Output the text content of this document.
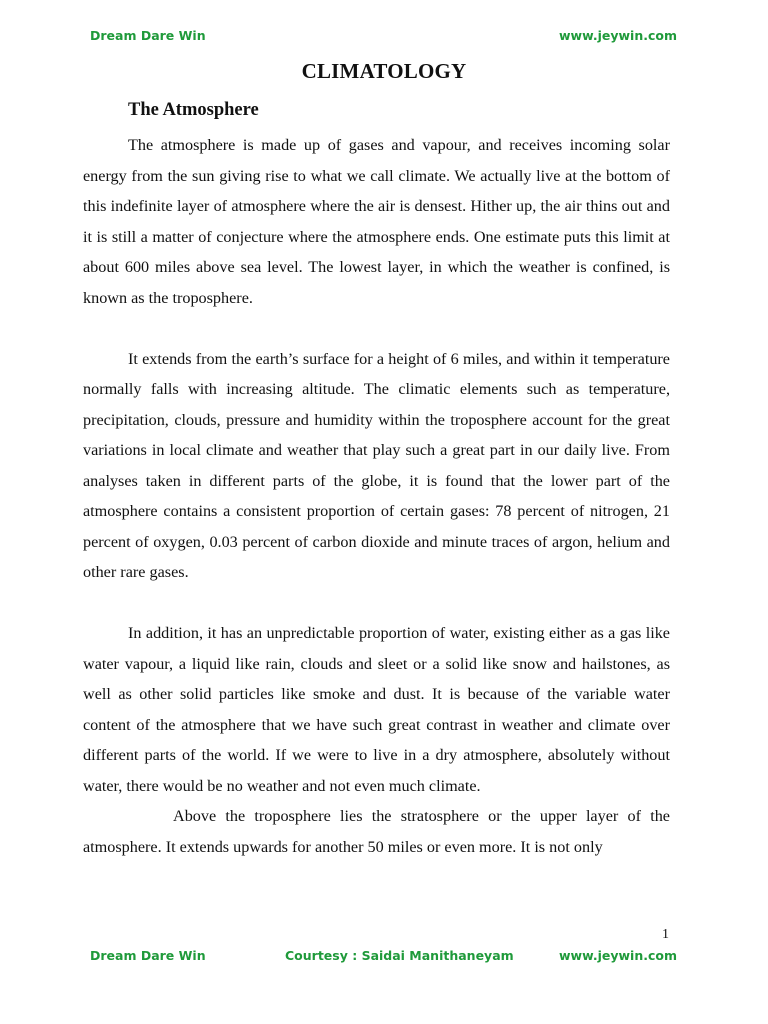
Dream Dare Win	www.jeywin.com
CLIMATOLOGY
The Atmosphere

The atmosphere is made up of gases and vapour, and receives incoming solar energy from the sun giving rise to what we call climate. We actually live at the bottom of this indefinite layer of atmosphere where the air is densest. Hither up, the air thins out and it is still a matter of conjecture where the atmosphere ends. One estimate puts this limit at about 600 miles above sea level. The lowest layer, in which the weather is confined, is known as the troposphere.

It extends from the earth’s surface for a height of 6 miles, and within it temperature normally falls with increasing altitude. The climatic elements such as temperature, precipitation, clouds, pressure and humidity within the troposphere account for the great variations in local climate and weather that play such a great part in our daily live. From analyses taken in different parts of the globe, it is found that the lower part of the atmosphere contains a consistent proportion of certain gases: 78 percent of nitrogen, 21 percent of oxygen, 0.03 percent of carbon dioxide and minute traces of argon, helium and other rare gases.

In addition, it has an unpredictable proportion of water, existing either as a gas like water vapour, a liquid like rain, clouds and sleet or a solid like snow and hailstones, as well as other solid particles like smoke and dust. It is because of the variable water content of the atmosphere that we have such great contrast in weather and climate over different parts of the world. If we were to live in a dry atmosphere, absolutely without water, there would be no weather and not even much climate.

Above the troposphere lies the stratosphere or the upper layer of the atmosphere. It extends upwards for another 50 miles or even more. It is not only

1
Dream Dare Win	Courtesy : Saidai Manithaneyam	www.jeywin.com
